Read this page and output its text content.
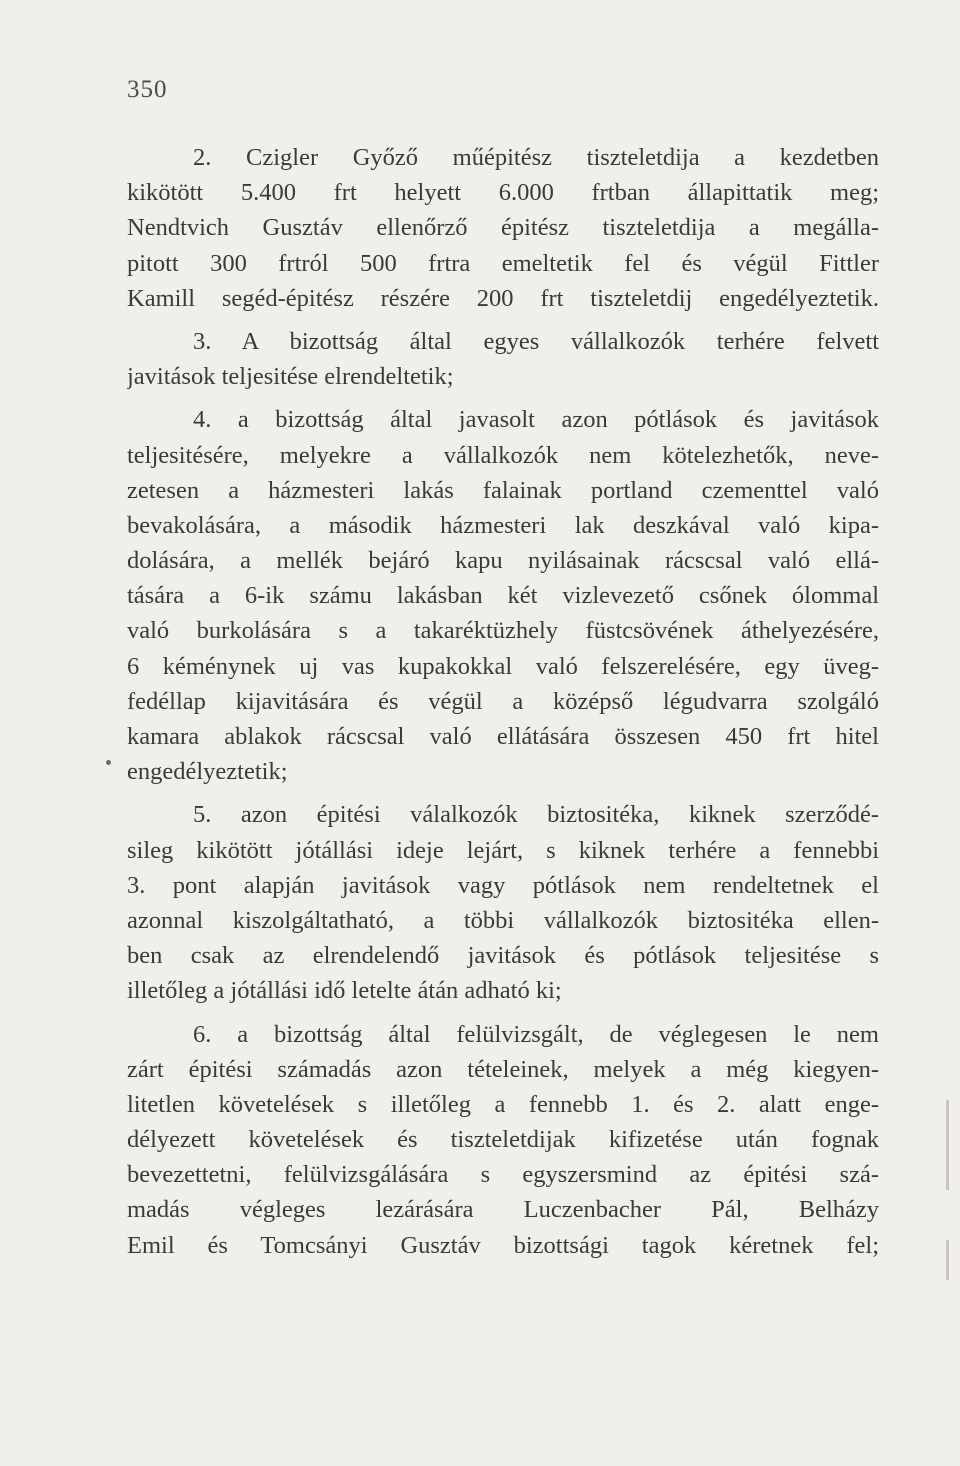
350
2. Czigler Győző műépitész tiszteletdija a kezdetben
kikötött 5.400 frt helyett 6.000 frtban állapittatik meg;
Nendtvich Gusztáv ellenőrző épitész tiszteletdija a megálla-
pitott 300 frtról 500 frtra emeltetik fel és végül Fittler
Kamill segéd-épitész részére 200 frt tiszteletdij engedélyeztetik.
3. A bizottság által egyes vállalkozók terhére felvett
javitások teljesitése elrendeltetik;
4. a bizottság által javasolt azon pótlások és javitások
teljesitésére, melyekre a vállalkozók nem kötelezhetők, neve-
zetesen a házmesteri lakás falainak portland czementtel való
bevakolására, a második házmesteri lak deszkával való kipa-
dolására, a mellék bejáró kapu nyilásainak rácscsal való ellá-
tására a 6-ik számu lakásban két vizlevezető csőnek ólommal
való burkolására s a takaréktüzhely füstcsövének áthelyezésére,
6 kéménynek uj vas kupakokkal való felszerelésére, egy üveg-
fedéllap kijavitására és végül a középső légudvarra szolgáló
kamara ablakok rácscsal való ellátására összesen 450 frt hitel
engedélyeztetik;
5. azon épitési válalkozók biztositéka, kiknek szerződé-
sileg kikötött jótállási ideje lejárt, s kiknek terhére a fennebbi
3. pont alapján javitások vagy pótlások nem rendeltetnek el
azonnal kiszolgáltatható, a többi vállalkozók biztositéka ellen-
ben csak az elrendelendő javitások és pótlások teljesitése s
illetőleg a jótállási idő letelte átán adható ki;
6. a bizottság által felülvizsgált, de véglegesen le nem
zárt épitési számadás azon tételeinek, melyek a még kiegyen-
litetlen követelések s illetőleg a fennebb 1. és 2. alatt enge-
délyezett követelések és tiszteletdijak kifizetése után fognak
bevezettetni, felülvizsgálására s egyszersmind az épitési szá-
madás végleges lezárására Luczenbacher Pál, Belházy
Emil és Tomcsányi Gusztáv bizottsági tagok kéretnek fel;
